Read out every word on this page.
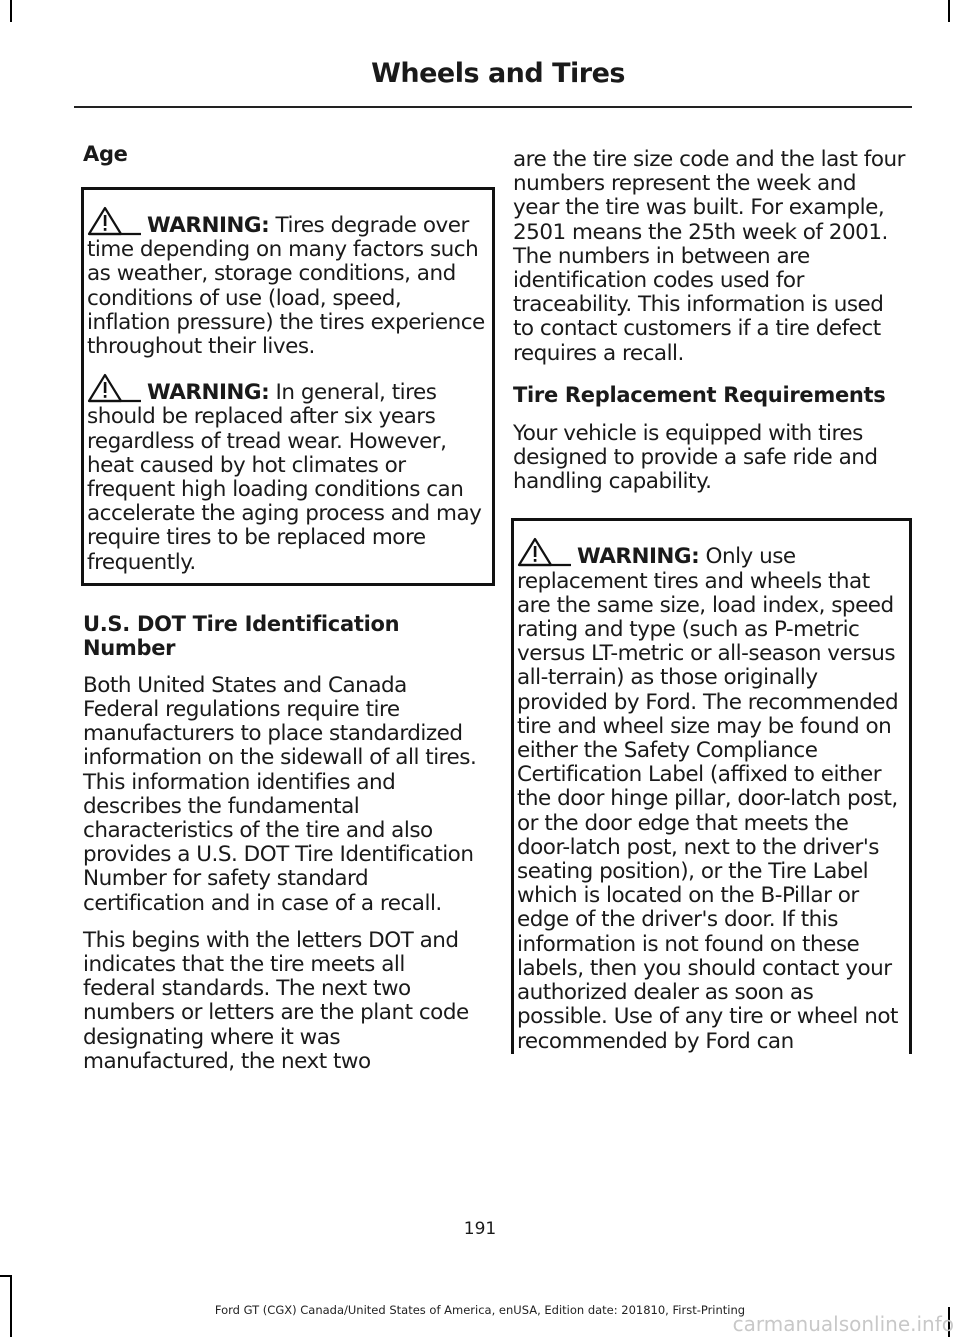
Wheels and Tires
Age
WARNING: Tires degrade over time depending on many factors such as weather, storage conditions, and conditions of use (load, speed, inflation pressure) the tires experience throughout their lives.
WARNING: In general, tires should be replaced after six years regardless of tread wear. However, heat caused by hot climates or frequent high loading conditions can accelerate the aging process and may require tires to be replaced more frequently.
U.S. DOT Tire Identification Number

Both United States and Canada Federal regulations require tire manufacturers to place standardized information on the sidewall of all tires. This information identifies and describes the fundamental characteristics of the tire and also provides a U.S. DOT Tire Identification Number for safety standard certification and in case of a recall.

This begins with the letters DOT and indicates that the tire meets all federal standards. The next two numbers or letters are the plant code designating where it was manufactured, the next two

are the tire size code and the last four numbers represent the week and year the tire was built. For example, 2501 means the 25th week of 2001. The numbers in between are identification codes used for traceability. This information is used to contact customers if a tire defect requires a recall.

Tire Replacement Requirements

Your vehicle is equipped with tires designed to provide a safe ride and handling capability.

WARNING: Only use replacement tires and wheels that are the same size, load index, speed rating and type (such as P-metric versus LT-metric or all-season versus all-terrain) as those originally provided by Ford. The recommended tire and wheel size may be found on either the Safety Compliance Certification Label (affixed to either the door hinge pillar, door-latch post, or the door edge that meets the door-latch post, next to the driver's seating position), or the Tire Label which is located on the B-Pillar or edge of the driver's door. If this information is not found on these labels, then you should contact your authorized dealer as soon as possible. Use of any tire or wheel not recommended by Ford can
191
Ford GT (CGX) Canada/United States of America, enUSA, Edition date: 201810, First-Printing
carmanualsonline.info
